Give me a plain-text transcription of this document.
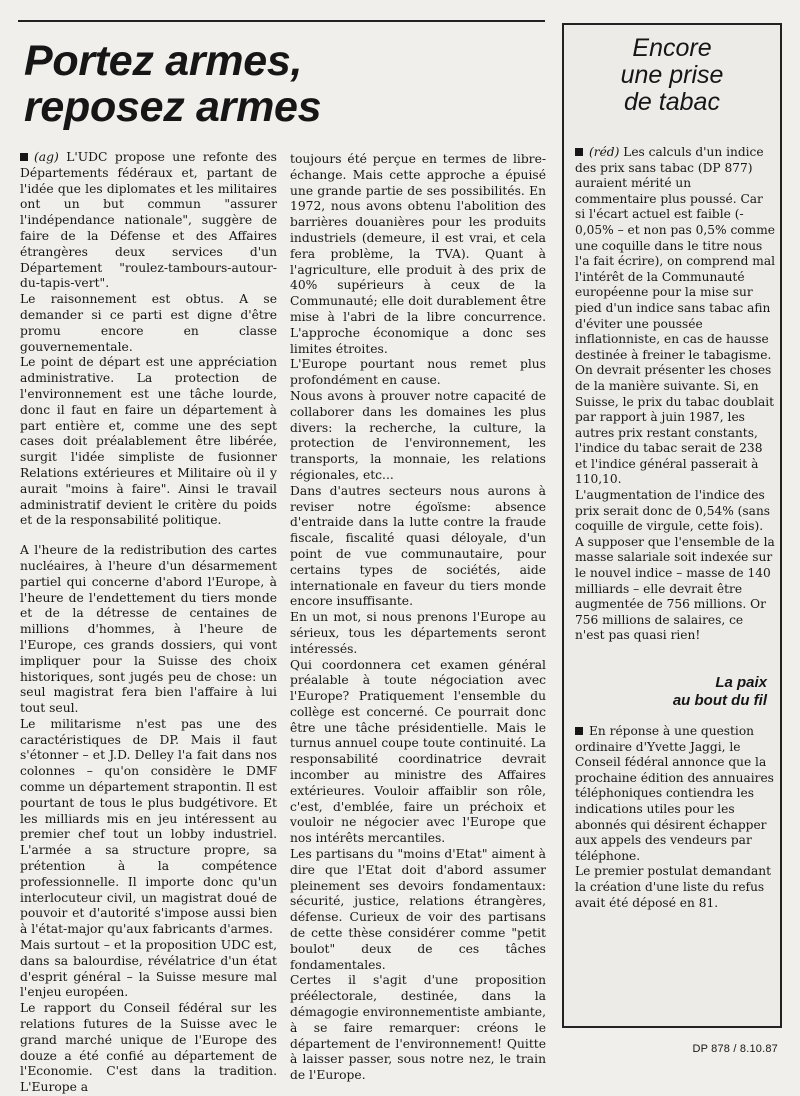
Portez armes,
reposez armes

(ag) L'UDC propose une refonte des Départements fédéraux et, partant de l'idée que les diplomates et les militaires ont un but commun "assurer l'indépendance nationale", suggère de faire de la Défense et des Affaires étrangères deux services d'un Département "roulez-tambours-autour-du-tapis-vert".

Le raisonnement est obtus. A se demander si ce parti est digne d'être promu encore en classe gouvernementale.

Le point de départ est une appréciation administrative. La protection de l'environnement est une tâche lourde, donc il faut en faire un département à part entière et, comme une des sept cases doit préalablement être libérée, surgit l'idée simpliste de fusionner Relations extérieures et Militaire où il y aurait "moins à faire". Ainsi le travail administratif devient le critère du poids et de la responsabilité politique.

A l'heure de la redistribution des cartes nucléaires, à l'heure d'un désarmement partiel qui concerne d'abord l'Europe, à l'heure de l'endettement du tiers monde et de la détresse de centaines de millions d'hommes, à l'heure de l'Europe, ces grands dossiers, qui vont impliquer pour la Suisse des choix historiques, sont jugés peu de chose: un seul magistrat fera bien l'affaire à lui tout seul.

Le militarisme n'est pas une des caractéristiques de DP. Mais il faut s'étonner – et J.D. Delley l'a fait dans nos colonnes – qu'on considère le DMF comme un département strapontin. Il est pourtant de tous le plus budgétivore. Et les milliards mis en jeu intéressent au premier chef tout un lobby industriel. L'armée a sa structure propre, sa prétention à la compétence professionnelle. Il importe donc qu'un interlocuteur civil, un magistrat doué de pouvoir et d'autorité s'impose aussi bien à l'état-major qu'aux fabricants d'armes.

Mais surtout – et la proposition UDC est, dans sa balourdise, révélatrice d'un état d'esprit général – la Suisse mesure mal l'enjeu européen.

Le rapport du Conseil fédéral sur les relations futures de la Suisse avec le grand marché unique de l'Europe des douze a été confié au département de l'Economie. C'est dans la tradition. L'Europe a

toujours été perçue en termes de libre-échange. Mais cette approche a épuisé une grande partie de ses possibilités. En 1972, nous avons obtenu l'abolition des barrières douanières pour les produits industriels (demeure, il est vrai, et cela fera problème, la TVA). Quant à l'agriculture, elle produit à des prix de 40% supérieurs à ceux de la Communauté; elle doit durablement être mise à l'abri de la libre concurrence. L'approche économique a donc ses limites étroites.

L'Europe pourtant nous remet plus profondément en cause.

Nous avons à prouver notre capacité de collaborer dans les domaines les plus divers: la recherche, la culture, la protection de l'environnement, les transports, la monnaie, les relations régionales, etc...

Dans d'autres secteurs nous aurons à reviser notre égoïsme: absence d'entraide dans la lutte contre la fraude fiscale, fiscalité quasi déloyale, d'un point de vue communautaire, pour certains types de sociétés, aide internationale en faveur du tiers monde encore insuffisante.

En un mot, si nous prenons l'Europe au sérieux, tous les départements seront intéressés.

Qui coordonnera cet examen général préalable à toute négociation avec l'Europe? Pratiquement l'ensemble du collège est concerné. Ce pourrait donc être une tâche présidentielle. Mais le turnus annuel coupe toute continuité. La responsabilité coordinatrice devrait incomber au ministre des Affaires extérieures. Vouloir affaiblir son rôle, c'est, d'emblée, faire un préchoix et vouloir ne négocier avec l'Europe que nos intérêts mercantiles.

Les partisans du "moins d'Etat" aiment à dire que l'Etat doit d'abord assumer pleinement ses devoirs fondamentaux: sécurité, justice, relations étrangères, défense. Curieux de voir des partisans de cette thèse considérer comme "petit boulot" deux de ces tâches fondamentales.

Certes il s'agit d'une proposition préélectorale, destinée, dans la démagogie environnementiste ambiante, à se faire remarquer: créons le département de l'environnement! Quitte à laisser passer, sous notre nez, le train de l'Europe.

Encore
une prise
de tabac

(réd) Les calculs d'un indice des prix sans tabac (DP 877) auraient mérité un commentaire plus poussé. Car si l'écart actuel est faible (- 0,05% – et non pas 0,5% comme une coquille dans le titre nous l'a fait écrire), on comprend mal l'intérêt de la Communauté européenne pour la mise sur pied d'un indice sans tabac afin d'éviter une poussée inflationniste, en cas de hausse destinée à freiner le tabagisme. On devrait présenter les choses de la manière suivante. Si, en Suisse, le prix du tabac doublait par rapport à juin 1987, les autres prix restant constants, l'indice du tabac serait de 238 et l'indice général passerait à 110,10.

L'augmentation de l'indice des prix serait donc de 0,54% (sans coquille de virgule, cette fois).

A supposer que l'ensemble de la masse salariale soit indexée sur le nouvel indice – masse de 140 milliards – elle devrait être augmentée de 756 millions. Or 756 millions de salaires, ce n'est pas quasi rien!

La paix
au bout du fil

En réponse à une question ordinaire d'Yvette Jaggi, le Conseil fédéral annonce que la prochaine édition des annuaires téléphoniques contiendra les indications utiles pour les abonnés qui désirent échapper aux appels des vendeurs par téléphone.

Le premier postulat demandant la création d'une liste du refus avait été déposé en 81.

DP 878 / 8.10.87
